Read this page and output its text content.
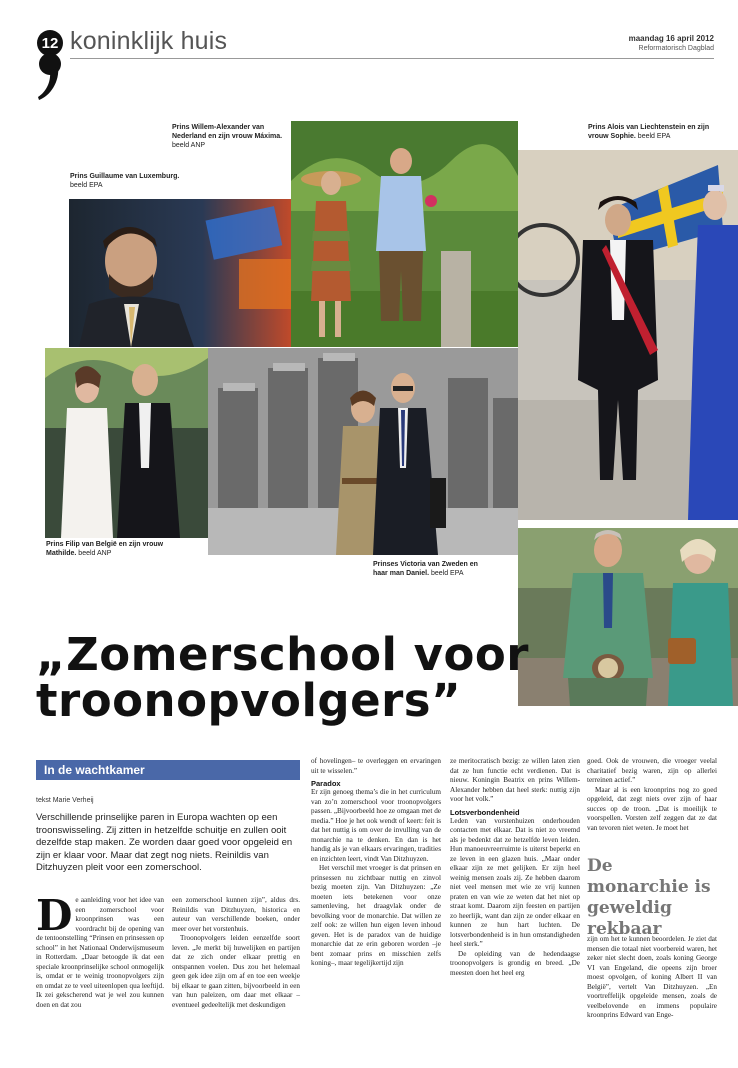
12 koninklijk huis	maandag 16 april 2012
Reformatorisch Dagblad
Prins Guillaume van Luxemburg. beeld EPA
Prins Willem-Alexander van Nederland en zijn vrouw Máxima. beeld ANP
Prins Alois van Liechtenstein en zijn vrouw Sophie. beeld EPA
Prins Filip van België en zijn vrouw Mathilde. beeld ANP
Prinses Victoria van Zweden en haar man Daniel. beeld EPA
„Zomerschool voor
troonopvolgers”
In de wachtkamer
tekst Marie Verheij
Verschillende prinselijke paren in Europa wachten op een troonswisseling. Zij zitten in hetzelfde schuitje en zullen ooit dezelfde stap maken. Ze worden daar goed voor opgeleid en zijn er klaar voor. Maar dat zegt nog niets. Reinildis van Ditzhuyzen pleit voor een zomerschool.
D e aanleiding voor het idee van een zomerschool voor kroonprinsen was een voordracht bij de opening van de tentoonstelling “Prinsen en prinsessen op school” in het Nationaal Onderwijsmuseum in Rotterdam. „Daar betoogde ik dat een speciale kroonprinselijke school onmogelijk is, omdat er te weinig troonopvolgers zijn en omdat ze te veel uiteenlopen qua leeftijd. Ik zei gekscherend wat je wel zou kunnen doen en dat zou

een zomerschool kunnen zijn”, aldus drs. Reinildis van Ditzhuyzen, historica en auteur van verschillende boeken, onder meer over het vorstenhuis.

Troonopvolgers leiden eenzelfde soort leven. „Je merkt bij huwelijken en partijen dat ze zich onder elkaar prettig en ontspannen voelen. Dus zou het helemaal geen gek idee zijn om af en toe een weekje bij elkaar te gaan zitten, bijvoorbeeld in een van hun paleizen, om daar met elkaar –eventueel gedeeltelijk met deskundigen

of hovelingen– te overleggen en ervaringen uit te wisselen.”

Paradox

Er zijn genoeg thema’s die in het curriculum van zo’n zomerschool voor troonopvolgers passen. „Bijvoorbeeld hoe ze omgaan met de media.” Hoe je het ook wendt of keert: feit is dat het nuttig is om over de invulling van de monarchie na te denken. En dan is het handig als je van elkaars ervaringen, tradities en inzichten leert, vindt Van Ditzhuyzen.

Het verschil met vroeger is dat prinsen en prinsessen nu zichtbaar nuttig en zinvol bezig moeten zijn. Van Ditzhuyzen: „Ze moeten iets betekenen voor onze samenleving, het draagvlak onder de bevolking voor de monarchie. Dat willen ze zelf ook: ze willen hun eigen leven inhoud geven. Het is de paradox van de huidige monarchie dat ze erin geboren worden –je bent zomaar prins en misschien zelfs koning–, maar tegelijkertijd zijn

ze meritocratisch bezig: ze willen laten zien dat ze hun functie echt verdienen. Dat is nieuw. Koningin Beatrix en prins Willem-Alexander hebben dat heel sterk: nuttig zijn voor het volk.”

Lotsverbondenheid

Leden van vorstenhuizen onderhouden contacten met elkaar. Dat is niet zo vreemd als je bedenkt dat ze hetzelfde leven leiden. Hun manoeuvreerruimte is uiterst beperkt en ze leven in een glazen huis. „Maar onder elkaar zijn ze met gelijken. Er zijn heel weinig mensen zoals zij. Ze hebben daarom niet veel mensen met wie ze vrij kunnen praten en van wie ze weten dat het niet op straat komt. Daarom zijn feesten en partijen zo heerlijk, want dan zijn ze onder elkaar en kunnen ze hun hart luchten. De lotsverbondenheid is in hun omstandigheden heel sterk.”

De opleiding van de hedendaagse troonopvolgers is grondig en breed. „De meesten doen het heel erg

goed. Ook de vrouwen, die vroeger veelal charitatief bezig waren, zijn op allerlei terreinen actief.”

Maar al is een kroonprins nog zo goed opgeleid, dat zegt niets over zijn of haar succes op de troon. „Dat is moeilijk te voorspellen. Vorsten zelf zeggen dat ze dat van tevoren niet weten. Je moet het

De monarchie is geweldig rekbaar

zijn om het te kunnen beoordelen. Je ziet dat mensen die totaal niet voorbereid waren, het zeker niet slecht doen, zoals koning George VI van Engeland, die opeens zijn broer moest opvolgen, of koning Albert II van België”, vertelt Van Ditzhuyzen. „En voortreffelijk opgeleide mensen, zoals de veelbelovende en immens populaire kroonprins Edward van Enge-
